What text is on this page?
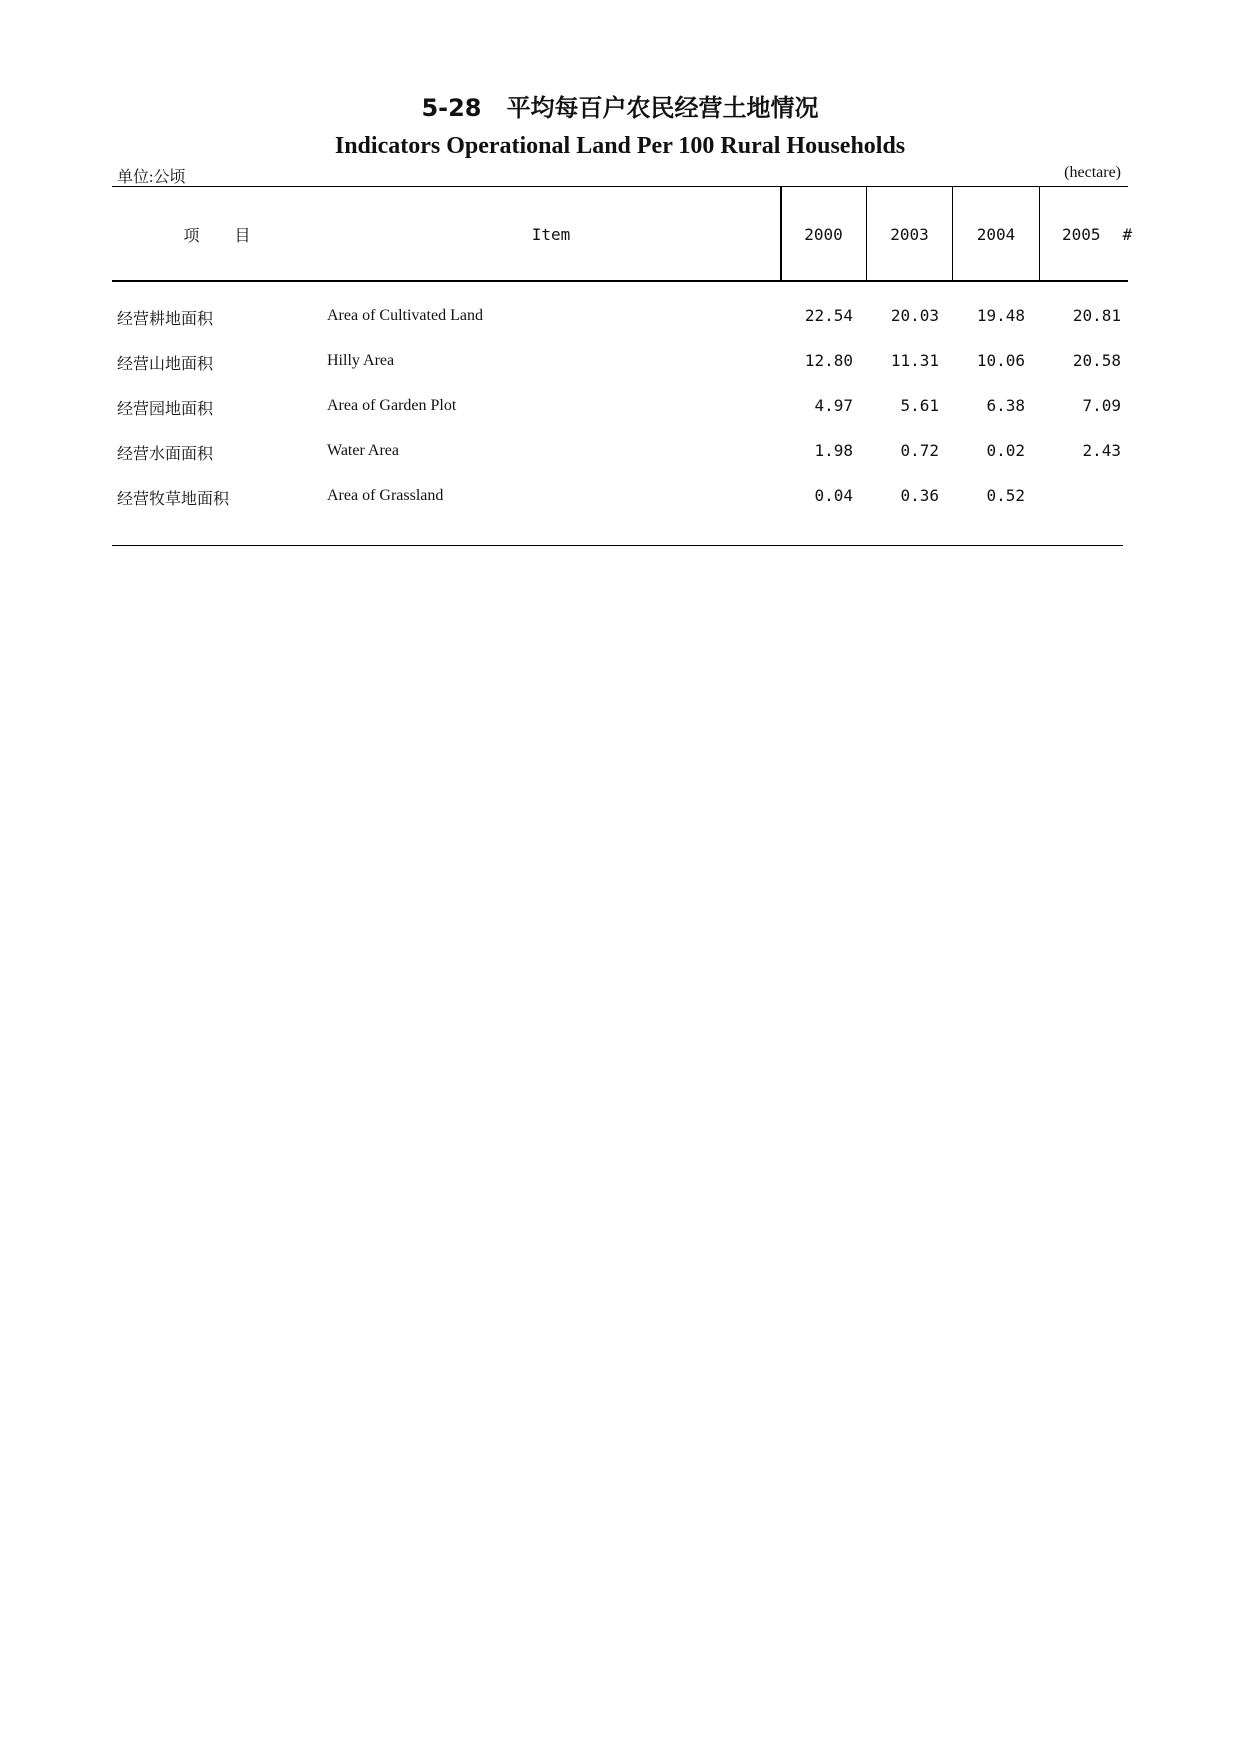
5-28   平均每百户农民经营土地情况
Indicators Operational Land Per 100 Rural Households
单位:公顷	(hectare)
项 目	Item	2000	2003	2004	2005 #
经营耕地面积	Area of Cultivated Land	22.54	20.03	19.48	20.81
经营山地面积	Hilly Area	12.80	11.31	10.06	20.58
经营园地面积	Area of Garden Plot	4.97	5.61	6.38	7.09
经营水面面积	Water Area	1.98	0.72	0.02	2.43
经营牧草地面积	Area of Grassland	0.04	0.36	0.52
